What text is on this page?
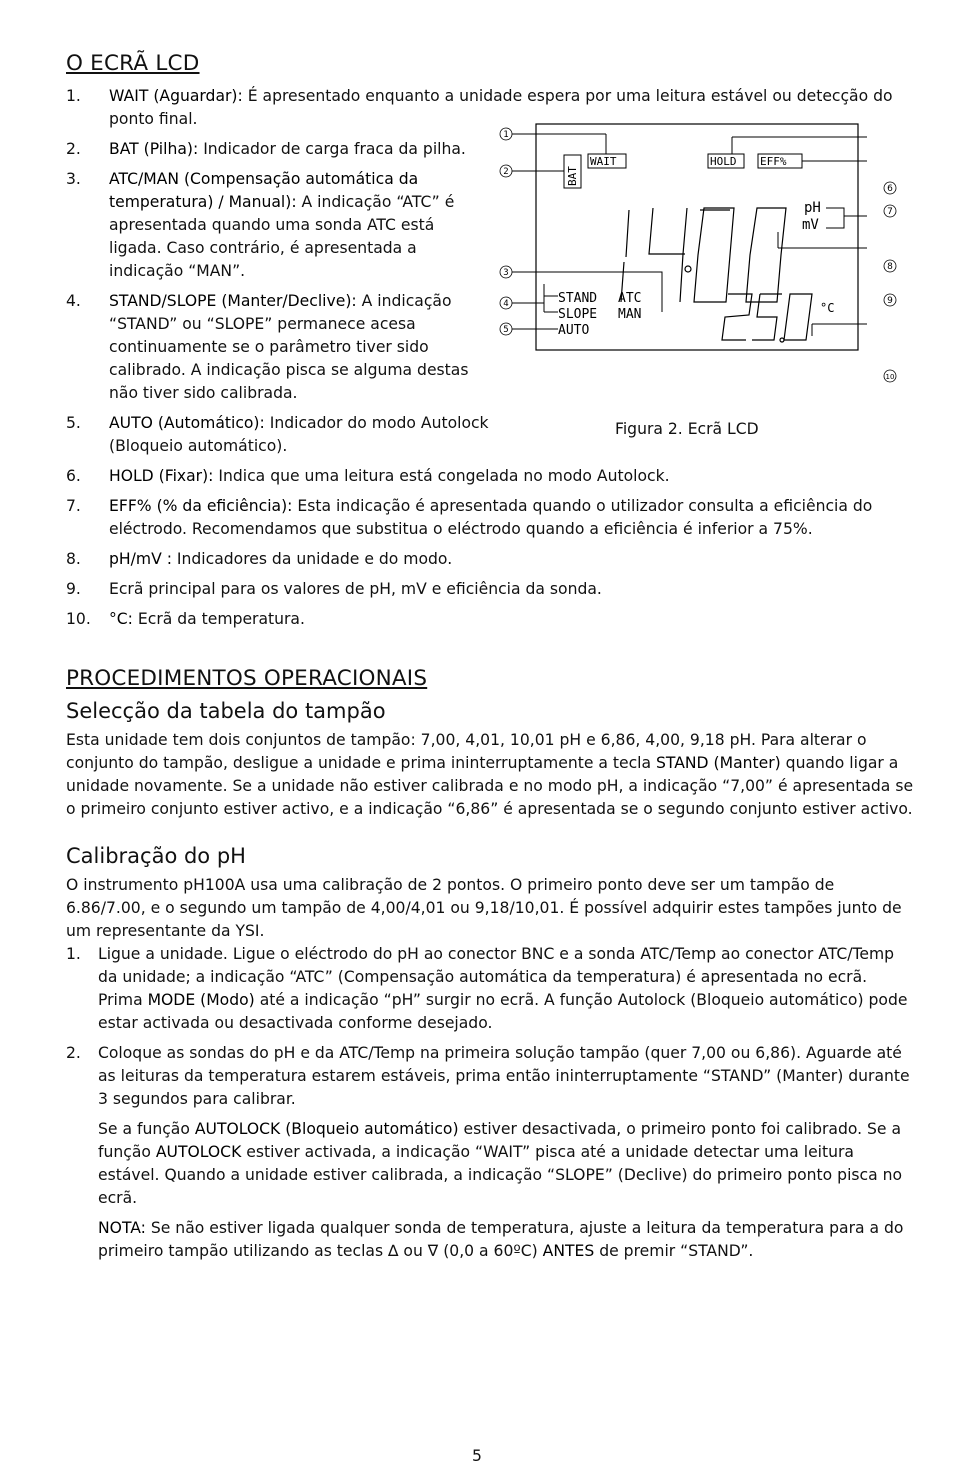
1
2
3
4
5
WAIT
BAT
HOLD EFF%
pH
mV
ATC
MAN
STAND
SLOPE
AUTO
°C
6
7
8
9
10
Figura 2. Ecrã LCD
O ECRÃ LCD
1. WAIT (Aguardar): É apresentado enquanto a unidade espera por uma leitura estável ou detecção do ponto final.
2. BAT (Pilha): Indicador de carga fraca da pilha.
3. ATC/MAN (Compensação automática da temperatura) / Manual): A indicação “ATC” é apresentada quando uma sonda ATC está ligada. Caso contrário, é apresentada a indicação “MAN”.
4. STAND/SLOPE (Manter/Declive): A indicação “STAND” ou “SLOPE” permanece acesa continuamente se o parâmetro tiver sido calibrado. A indicação pisca se alguma destas não tiver sido calibrada.
5. AUTO (Automático): Indicador do modo Autolock (Bloqueio automático).
6. HOLD (Fixar): Indica que uma leitura está congelada no modo Autolock.
7. EFF% (% da eficiência): Esta indicação é apresentada quando o utilizador consulta a eficiência do eléctrodo. Recomendamos que substitua o eléctrodo quando a eficiência é inferior a 75%.
8. pH/mV : Indicadores da unidade e do modo.
9. Ecrã principal para os valores de pH, mV e eficiência da sonda.
10. °C: Ecrã da temperatura.
PROCEDIMENTOS OPERACIONAIS
Selecção da tabela do tampão

Esta unidade tem dois conjuntos de tampão: 7,00, 4,01, 10,01 pH e 6,86, 4,00, 9,18 pH. Para alterar o conjunto do tampão, desligue a unidade e prima ininterruptamente a tecla STAND (Manter) quando ligar a unidade novamente. Se a unidade não estiver calibrada e no modo pH, a indicação “7,00” é apresentada se o primeiro conjunto estiver activo, e a indicação “6,86” é apresentada se o segundo conjunto estiver activo.

Calibração do pH

O instrumento pH100A usa uma calibração de 2 pontos. O primeiro ponto deve ser um tampão de 6.86/7.00, e o segundo um tampão de 4,00/4,01 ou 9,18/10,01. É possível adquirir estes tampões junto de um representante da YSI.

1. Ligue a unidade. Ligue o eléctrodo do pH ao conector BNC e a sonda ATC/Temp ao conector ATC/Temp da unidade; a indicação “ATC” (Compensação automática da temperatura) é apresentada no ecrã. Prima MODE (Modo) até a indicação “pH” surgir no ecrã. A função Autolock (Bloqueio automático) pode estar activada ou desactivada conforme desejado.
2. Coloque as sondas do pH e da ATC/Temp na primeira solução tampão (quer 7,00 ou 6,86). Aguarde até as leituras da temperatura estarem estáveis, prima então ininterruptamente “STAND” (Manter) durante 3 segundos para calibrar.

Se a função AUTOLOCK (Bloqueio automático) estiver desactivada, o primeiro ponto foi calibrado. Se a função AUTOLOCK estiver activada, a indicação “WAIT” pisca até a unidade detectar uma leitura estável. Quando a unidade estiver calibrada, a indicação “SLOPE” (Declive) do primeiro ponto pisca no ecrã.

NOTA: Se não estiver ligada qualquer sonda de temperatura, ajuste a leitura da temperatura para a do primeiro tampão utilizando as teclas ∆ ou ∇ (0,0 a 60ºC) ANTES de premir “STAND”.

5
